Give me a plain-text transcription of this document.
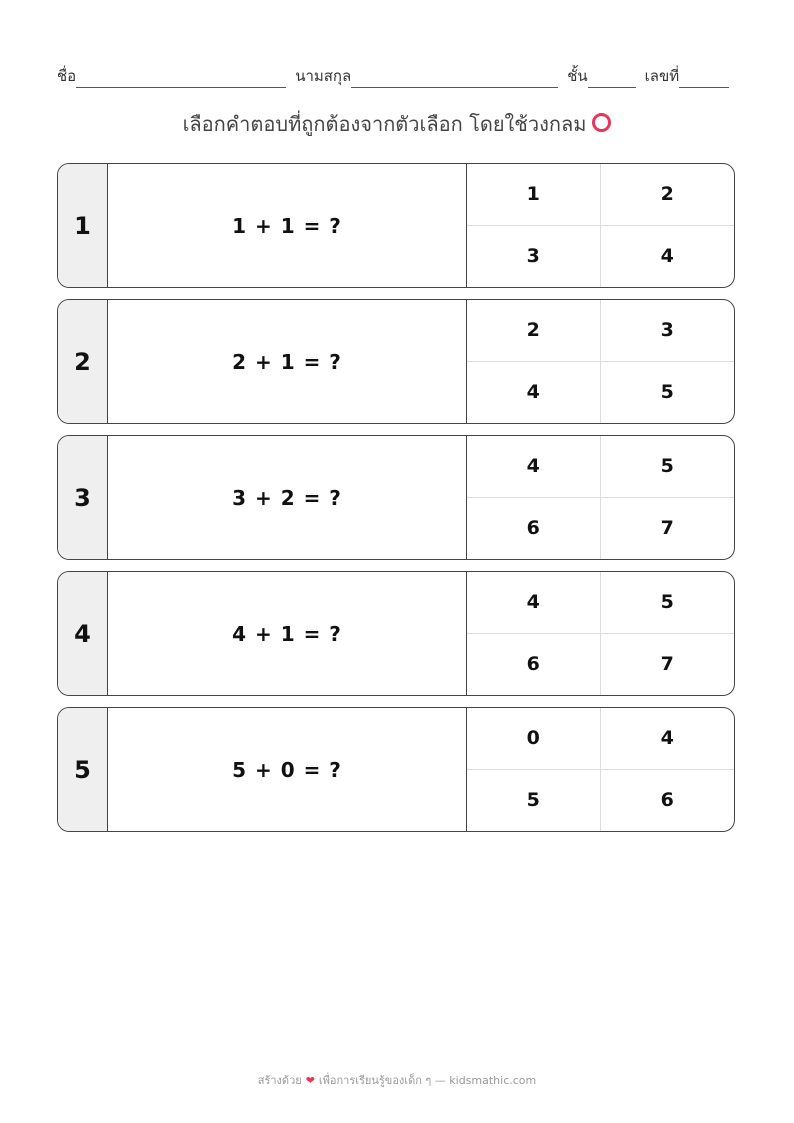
ชื่อ	นามสกุล	ชั้น	เลขที่
เลือกคำตอบที่ถูกต้องจากตัวเลือก โดยใช้วงกลม
1	1 + 1 = ?
1	2
3	4
2	2 + 1 = ?
2	3
4	5
3	3 + 2 = ?
4	5
6	7
4	4 + 1 = ?
4	5
6	7
5	5 + 0 = ?
0	4
5	6
สร้างด้วย ❤ เพื่อการเรียนรู้ของเด็ก ๆ — kidsmathic.com
